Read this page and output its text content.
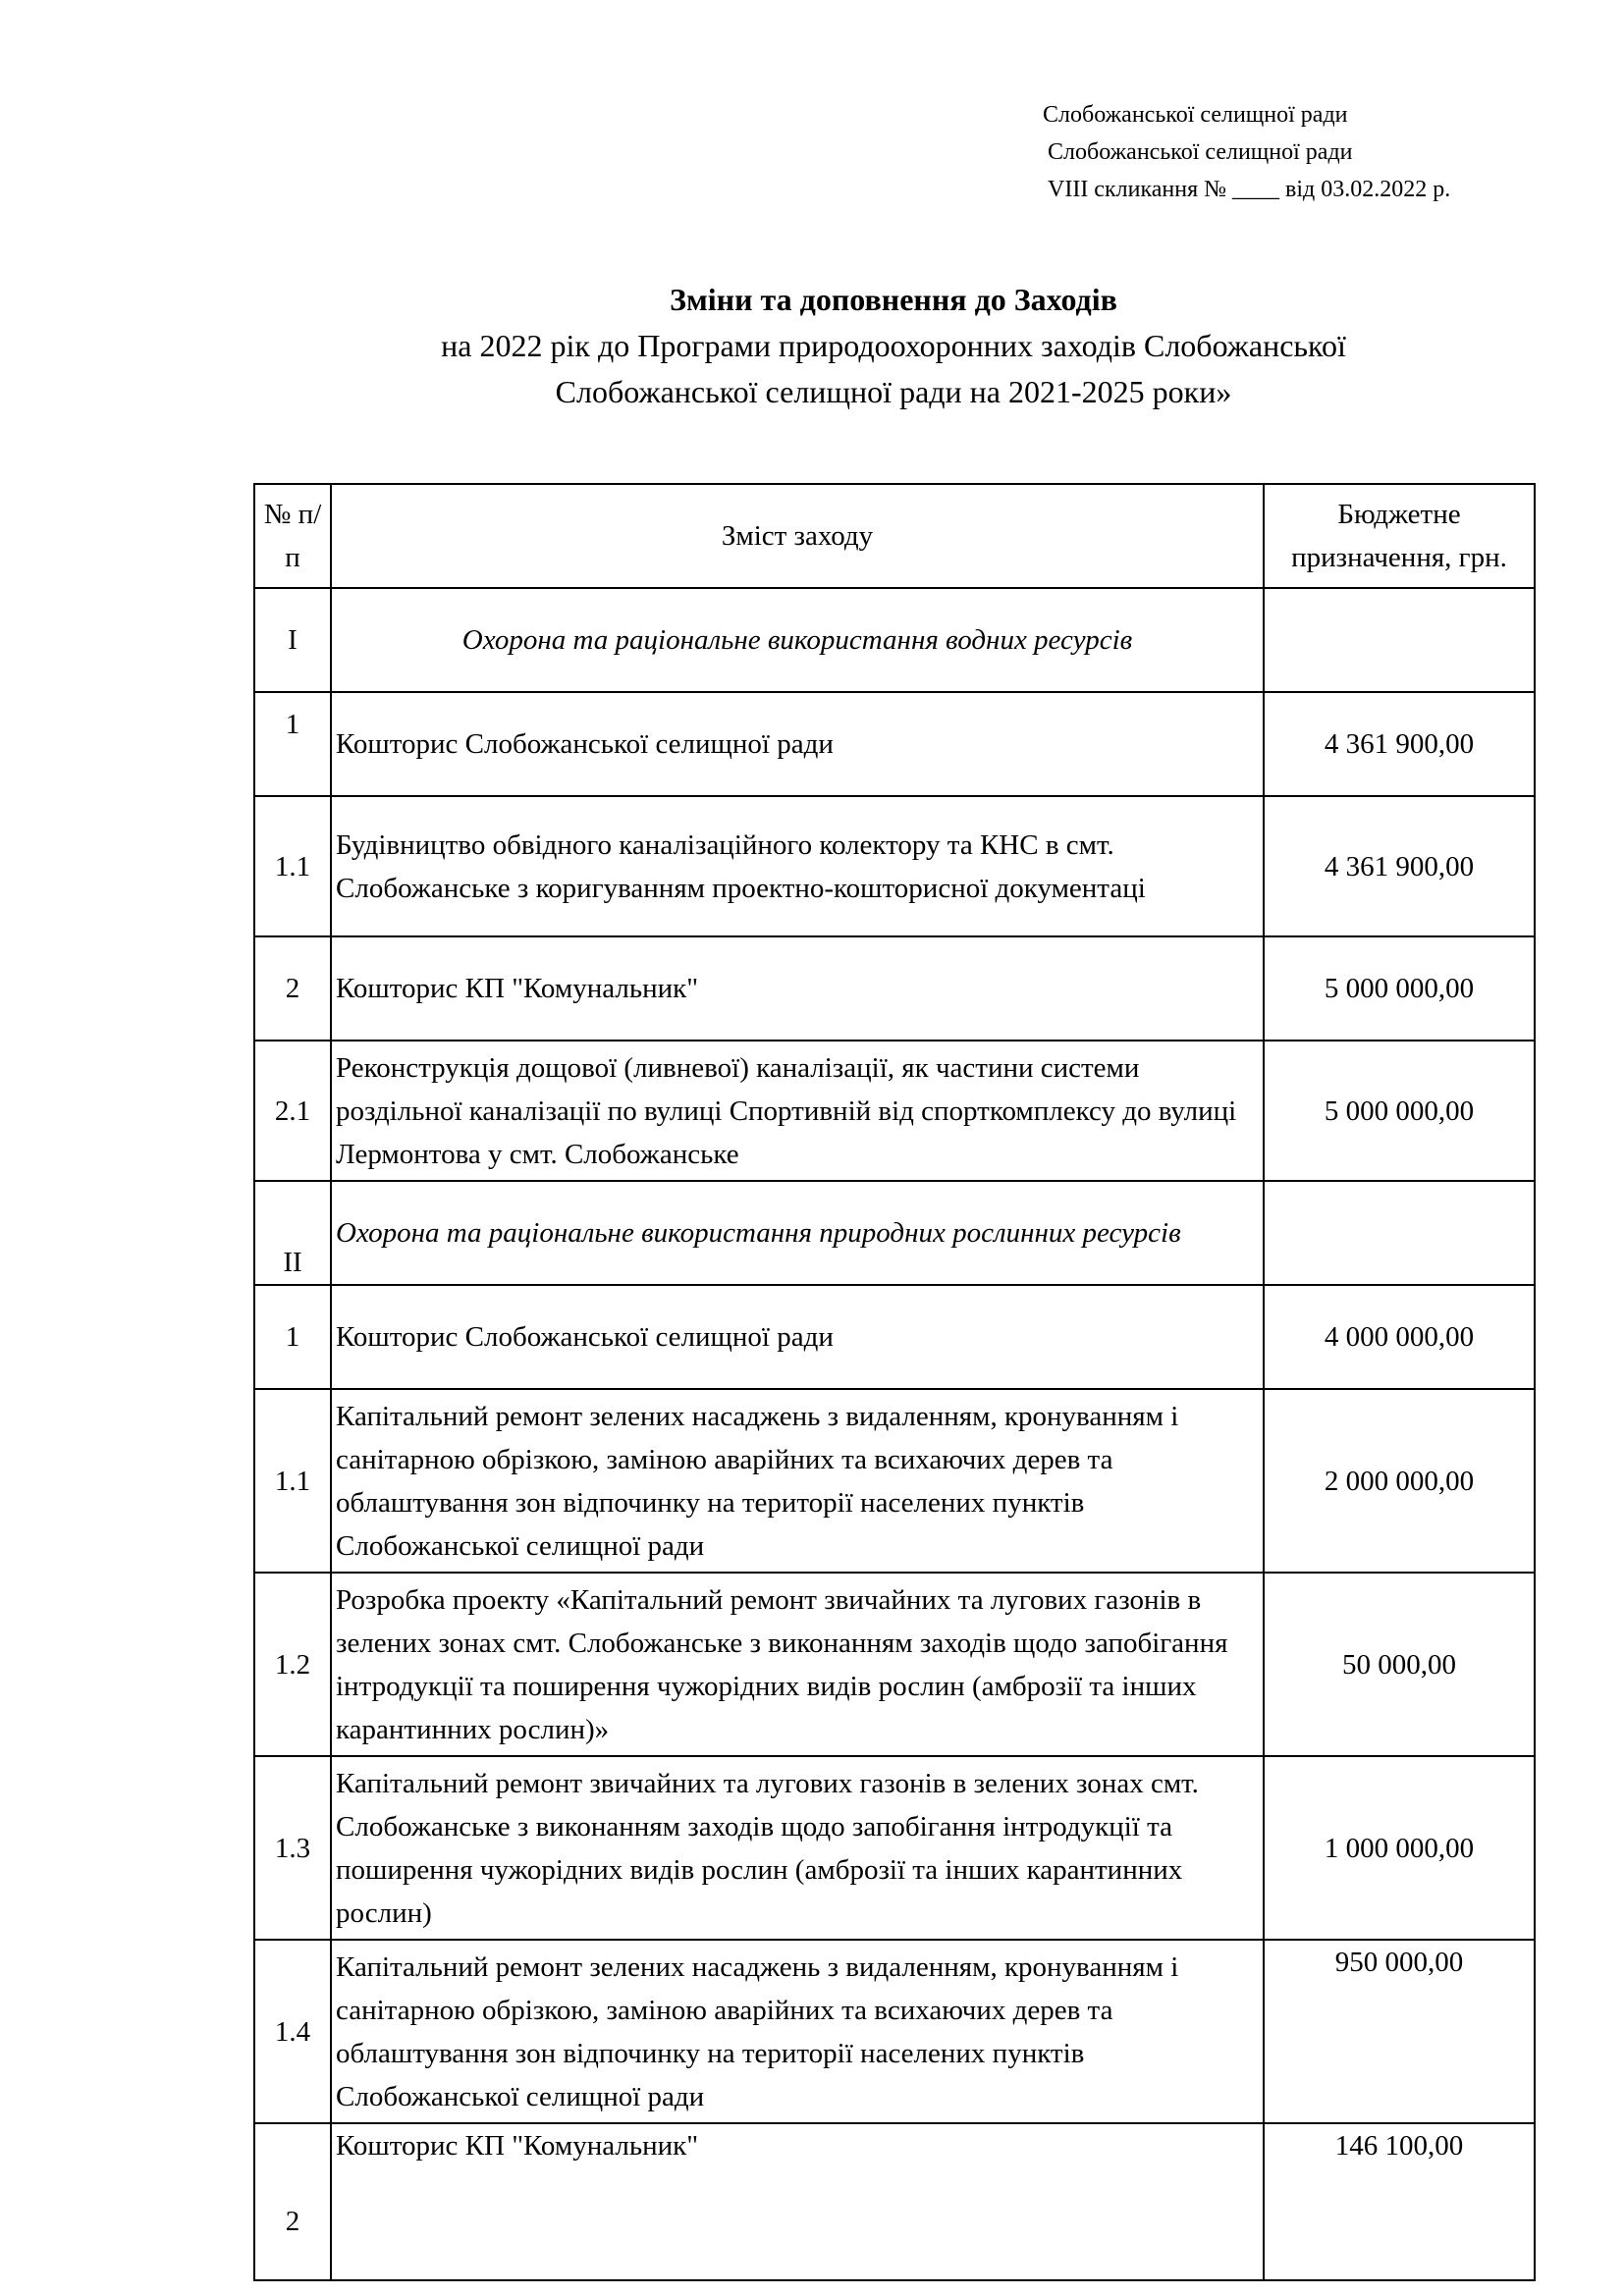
Слобожанської селищної ради
Слобожанської селищної ради
VIII скликання № ____ від 03.02.2022 р.
Зміни та доповнення до Заходів
на 2022 рік до Програми природоохоронних заходів Слобожанської
Слобожанської селищної ради на 2021-2025 роки»
№ п/п	Зміст заходу	Бюджетне призначення, грн.
I	Охорона та раціональне використання водних ресурсів	
1	Кошторис Слобожанської селищної ради	4 361 900,00
1.1	Будівництво обвідного каналізаційного колектору та КНС в смт. Слобожанське з коригуванням проектно-кошторисної документаці	4 361 900,00
2	Кошторис КП "Комунальник"	5 000 000,00
2.1	Реконструкція дощової (ливневої) каналізації, як частини системи роздільної каналізації по вулиці Спортивній від спорткомплексу до вулиці Лермонтова у смт. Слобожанське	5 000 000,00
II	Охорона та раціональне використання природних рослинних ресурсів	
1	Кошторис Слобожанської селищної ради	4 000 000,00
1.1	Капітальний ремонт зелених насаджень з видаленням, кронуванням і санітарною обрізкою, заміною аварійних та всихаючих дерев та облаштування зон відпочинку на території населених пунктів Слобожанської селищної ради	2 000 000,00
1.2	Розробка проекту «Капітальний ремонт звичайних та лугових газонів в зелених зонах смт. Слобожанське з виконанням заходів щодо запобігання інтродукції та поширення чужорідних видів рослин (амброзії та інших карантинних рослин)»	50 000,00
1.3	Капітальний ремонт звичайних та лугових газонів в зелених зонах смт. Слобожанське з виконанням заходів щодо запобігання інтродукції та поширення чужорідних видів рослин (амброзії та інших карантинних рослин)	1 000 000,00
1.4	Капітальний ремонт зелених насаджень з видаленням, кронуванням і санітарною обрізкою, заміною аварійних та всихаючих дерев та облаштування зон відпочинку на території населених пунктів Слобожанської селищної ради	950 000,00
2	Кошторис КП "Комунальник"	146 100,00
